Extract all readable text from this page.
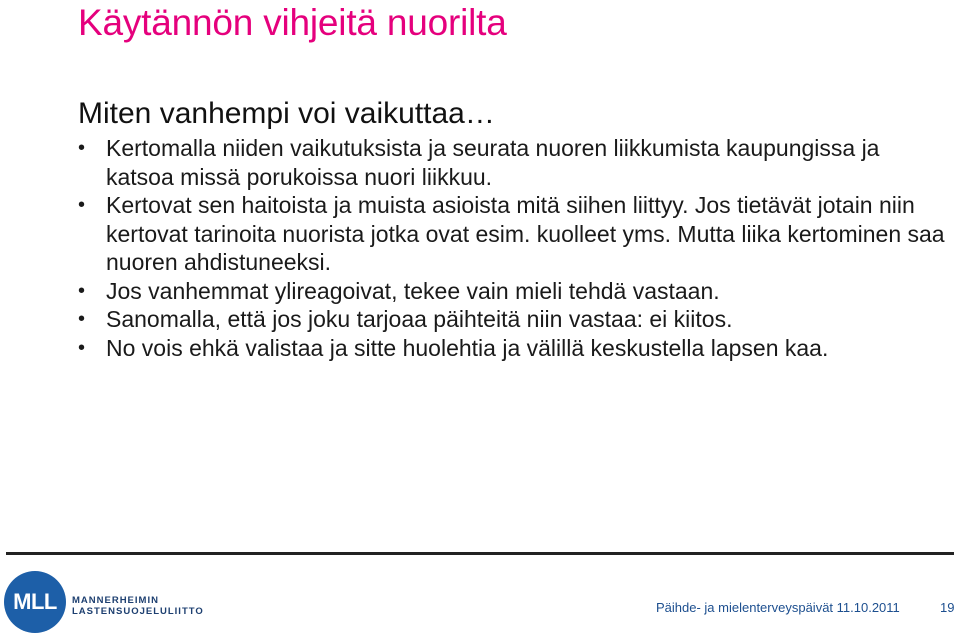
Käytännön vihjeitä nuorilta
Miten vanhempi voi vaikuttaa…
• Kertomalla niiden vaikutuksista ja seurata nuoren liikkumista kaupungissa ja katsoa missä porukoissa nuori liikkuu.
• Kertovat sen haitoista ja muista asioista mitä siihen liittyy. Jos tietävät jotain niin kertovat tarinoita nuorista jotka ovat esim. kuolleet yms. Mutta liika kertominen saa nuoren ahdistuneeksi.
• Jos vanhemmat ylireagoivat, tekee vain mieli tehdä vastaan.
• Sanomalla, että jos joku tarjoaa päihteitä niin vastaa: ei kiitos.
• No vois ehkä valistaa ja sitte huolehtia ja välillä keskustella lapsen kaa.
MLL	MANNERHEIMIN
LASTENSUOJELULIITTO	Päihde- ja mielenterveyspäivät 11.10.2011	19
